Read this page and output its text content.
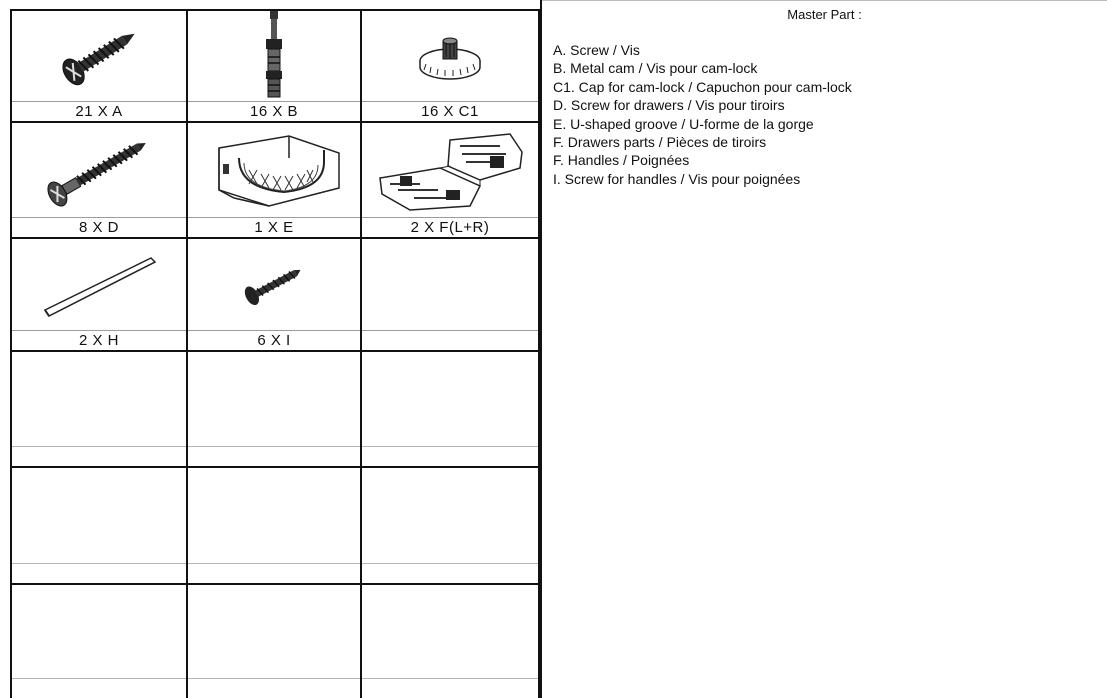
21 X A	16 X B	16 X C1
8 X D	1 X E	2 X F(L+R)
2 X H	6 X I
Master Part :
A. Screw / Vis
B. Metal cam / Vis pour cam-lock
C1. Cap for cam-lock / Capuchon pour cam-lock
D. Screw for drawers / Vis pour tiroirs
E. U-shaped groove / U-forme de la gorge
F. Drawers parts / Pièces de tiroirs
F. Handles / Poignées
I. Screw for handles / Vis pour poignées
